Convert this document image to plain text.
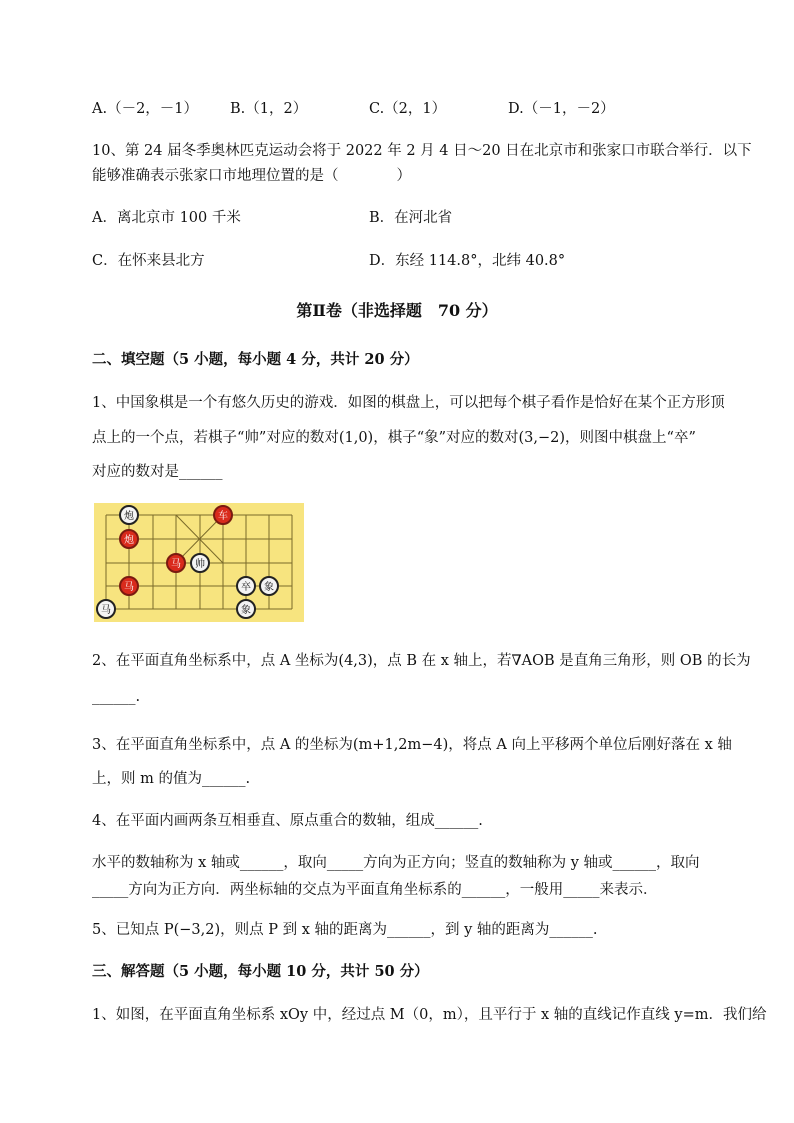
A.（－2，－1） B.（1，2）	C.（2，1）	D.（－1，－2）
10、第 24 届冬季奥林匹克运动会将于 2022 年 2 月 4 日～20 日在北京市和张家口市联合举行．以下
能够准确表示张家口市地理位置的是（　　　　）
A．离北京市 100 千米	B．在河北省
C．在怀来县北方	D．东经 114.8°，北纬 40.8°
第Ⅱ卷（非选择题　70 分）
二、填空题（5 小题，每小题 4 分，共计 20 分）
1、中国象棋是一个有悠久历史的游戏．如图的棋盘上，可以把每个棋子看作是恰好在某个正方形顶
点上的一个点，若棋子“帅”对应的数对(1,0)，棋子“象”对应的数对(3,−2)，则图中棋盘上“卒”
对应的数对是______
炮	车
炮
马 帅
马	卒 象
象
马
2、在平面直角坐标系中，点 A 坐标为(4,3)，点 B 在 x 轴上，若∇AOB 是直角三角形，则 OB 的长为
______.
3、在平面直角坐标系中，点 A 的坐标为(m+1,2m−4)，将点 A 向上平移两个单位后刚好落在 x 轴
上，则 m 的值为______.
4、在平面内画两条互相垂直、原点重合的数轴，组成______.
水平的数轴称为 x 轴或______，取向_____方向为正方向；竖直的数轴称为 y 轴或______，取向
_____方向为正方向．两坐标轴的交点为平面直角坐标系的______，一般用_____来表示．
5、已知点 P(−3,2)，则点 P 到 x 轴的距离为______，到 y 轴的距离为______.
三、解答题（5 小题，每小题 10 分，共计 50 分）
1、如图，在平面直角坐标系 xOy 中，经过点 M（0，m），且平行于 x 轴的直线记作直线 y=m．我们给
